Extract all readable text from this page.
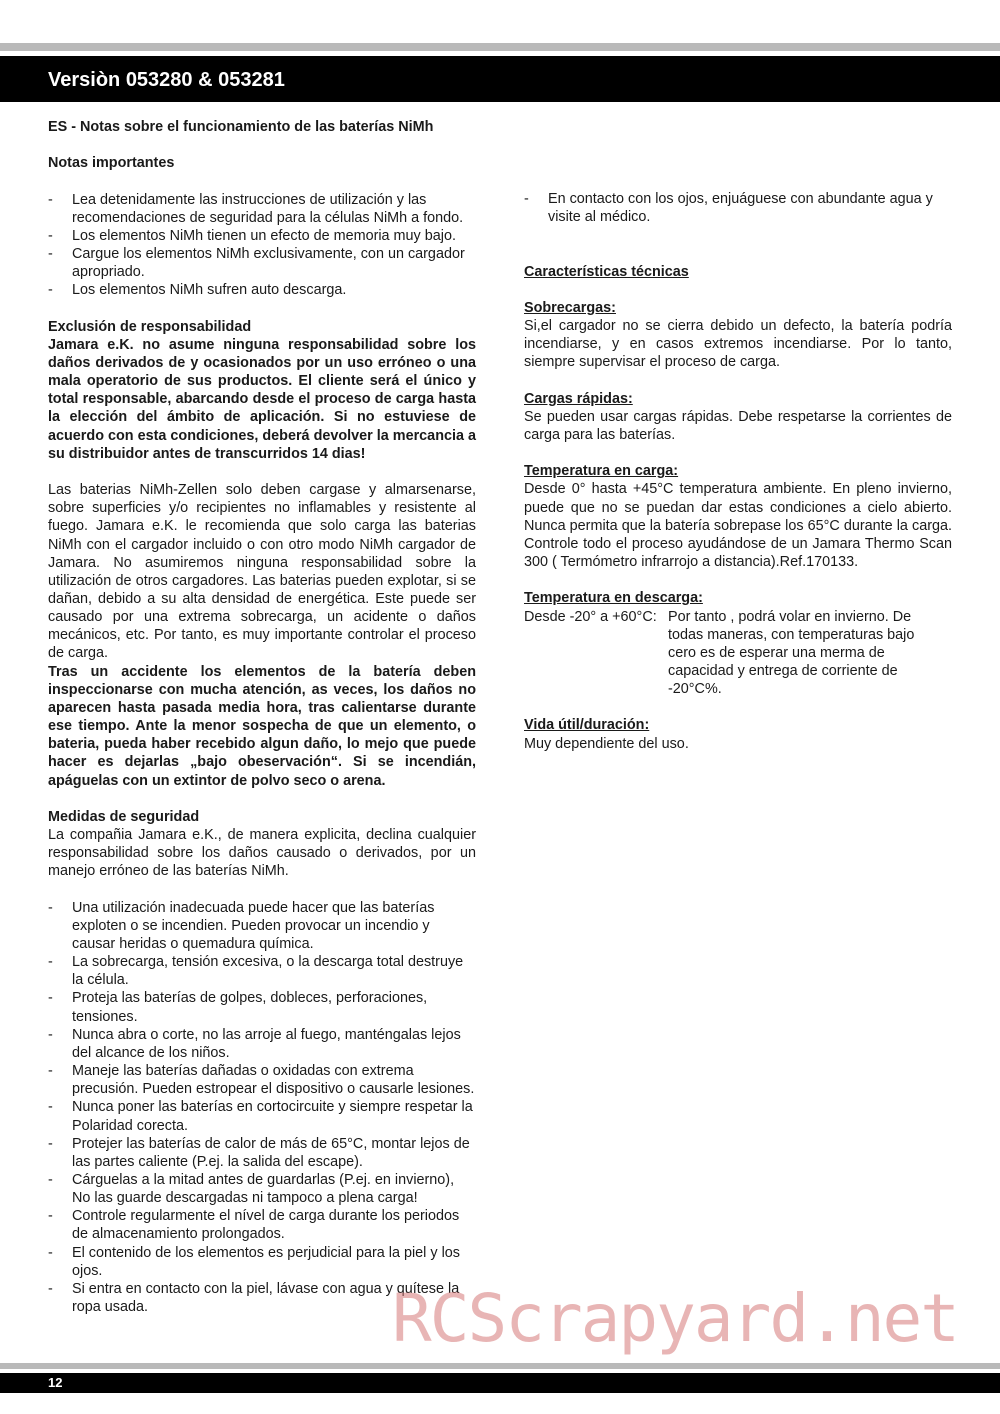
Versiòn 053280 & 053281

ES - Notas sobre el funcionamiento de las baterías NiMh

Notas importantes

- Lea detenidamente las instrucciones de utilización y las recomendaciones de seguridad para la células NiMh a fondo.
- Los elementos NiMh tienen un efecto de memoria muy bajo.
- Cargue los elementos NiMh exclusivamente, con un cargador apropriado.
- Los elementos NiMh sufren auto descarga.

Exclusión de responsabilidad

Jamara e.K. no asume ninguna responsabilidad sobre los daños derivados de y ocasionados por un uso erróneo o una mala operatorio de sus productos. El cliente será el único y total responsable, abarcando desde el proceso de carga hasta la elección del ámbito de aplicación. Si no estuviese de acuerdo con esta condiciones, deberá devolver la mercancia a su distribuidor antes de transcurridos 14 dias!

Las baterias NiMh-Zellen solo deben cargase y almarsenarse, sobre superficies y/o recipientes no inflamables y resistente al fuego. Jamara e.K. le recomienda que solo carga las baterias NiMh con el cargador incluido o con otro modo NiMh cargador de Jamara. No asumiremos ninguna responsabilidad sobre la utilización de otros cargadores. Las baterias pueden explotar, si se dañan, debido a su alta densidad de energética. Este puede ser causado por una extrema sobrecarga, un acidente o daños mecánicos, etc. Por tanto, es muy importante controlar el proceso de carga.

Tras un accidente los elementos de la batería deben inspeccionarse con mucha atención, as veces, los daños no aparecen hasta pasada media hora, tras calientarse durante ese tiempo. Ante la menor sospecha de que un elemento, o bateria, pueda haber recebido algun daño, lo mejo que puede hacer es dejarlas „bajo obeservación“. Si se incendián, apáguelas con un extintor de polvo seco o arena.

Medidas de seguridad

La compañia Jamara e.K., de manera explicita, declina cualquier responsabilidad sobre los daños causado o derivados, por un manejo erróneo de las baterías NiMh.

- Una utilización inadecuada puede hacer que las baterías exploten o se incendien. Pueden provocar un incendio y causar heridas o quemadura química.
- La sobrecarga, tensión excesiva, o la descarga total destruye la célula.
- Proteja las baterías de golpes, dobleces, perforaciones, tensiones.
- Nunca abra o corte, no las arroje al fuego, manténgalas lejos del alcance de los niños.
- Maneje las baterías dañadas o oxidadas con extrema precusión. Pueden estropear el dispositivo o causarle lesiones.
- Nunca poner las baterías en cortocircuite y siempre respetar la Polaridad corecta.
- Protejer las baterías de calor de más de 65°C, montar lejos de las partes caliente (P.ej. la salida del escape).
- Cárguelas a la mitad antes de guardarlas (P.ej. en invierno), No las guarde descargadas ni tampoco a plena carga!
- Controle regularmente el nível de carga durante los periodos de almacenamiento prolongados.
- El contenido de los elementos es perjudicial para la piel y los ojos.
- Si entra en contacto con la piel, lávase con agua y quítese la ropa usada.
- En contacto con los ojos, enjuáguese con abundante agua y visite al médico.

Características técnicas

Sobrecargas:

Si,el cargador no se cierra debido un defecto, la batería podría incendiarse, y en casos extremos incendiarse. Por lo tanto, siempre supervisar el proceso de carga.

Cargas rápidas:

Se pueden usar cargas rápidas. Debe respetarse la corrientes de carga para las baterías.

Temperatura en carga:

Desde 0° hasta +45°C temperatura ambiente. En pleno invierno, puede que no se puedan dar estas condiciones a cielo abierto. Nunca permita que la batería sobrepase los 65°C durante la carga. Controle todo el proceso ayudándose de un Jamara Thermo Scan 300 ( Termómetro infrarrojo a distancia).Ref.170133.

Temperatura en descarga:

Desde -20° a +60°C: Por tanto , podrá volar en invierno. De todas maneras, con temperaturas bajo cero es de esperar una merma de capacidad y entrega de corriente de -20°C%.

Vida útil/duración:

Muy dependiente del uso.

RCScrapyard.net
12
